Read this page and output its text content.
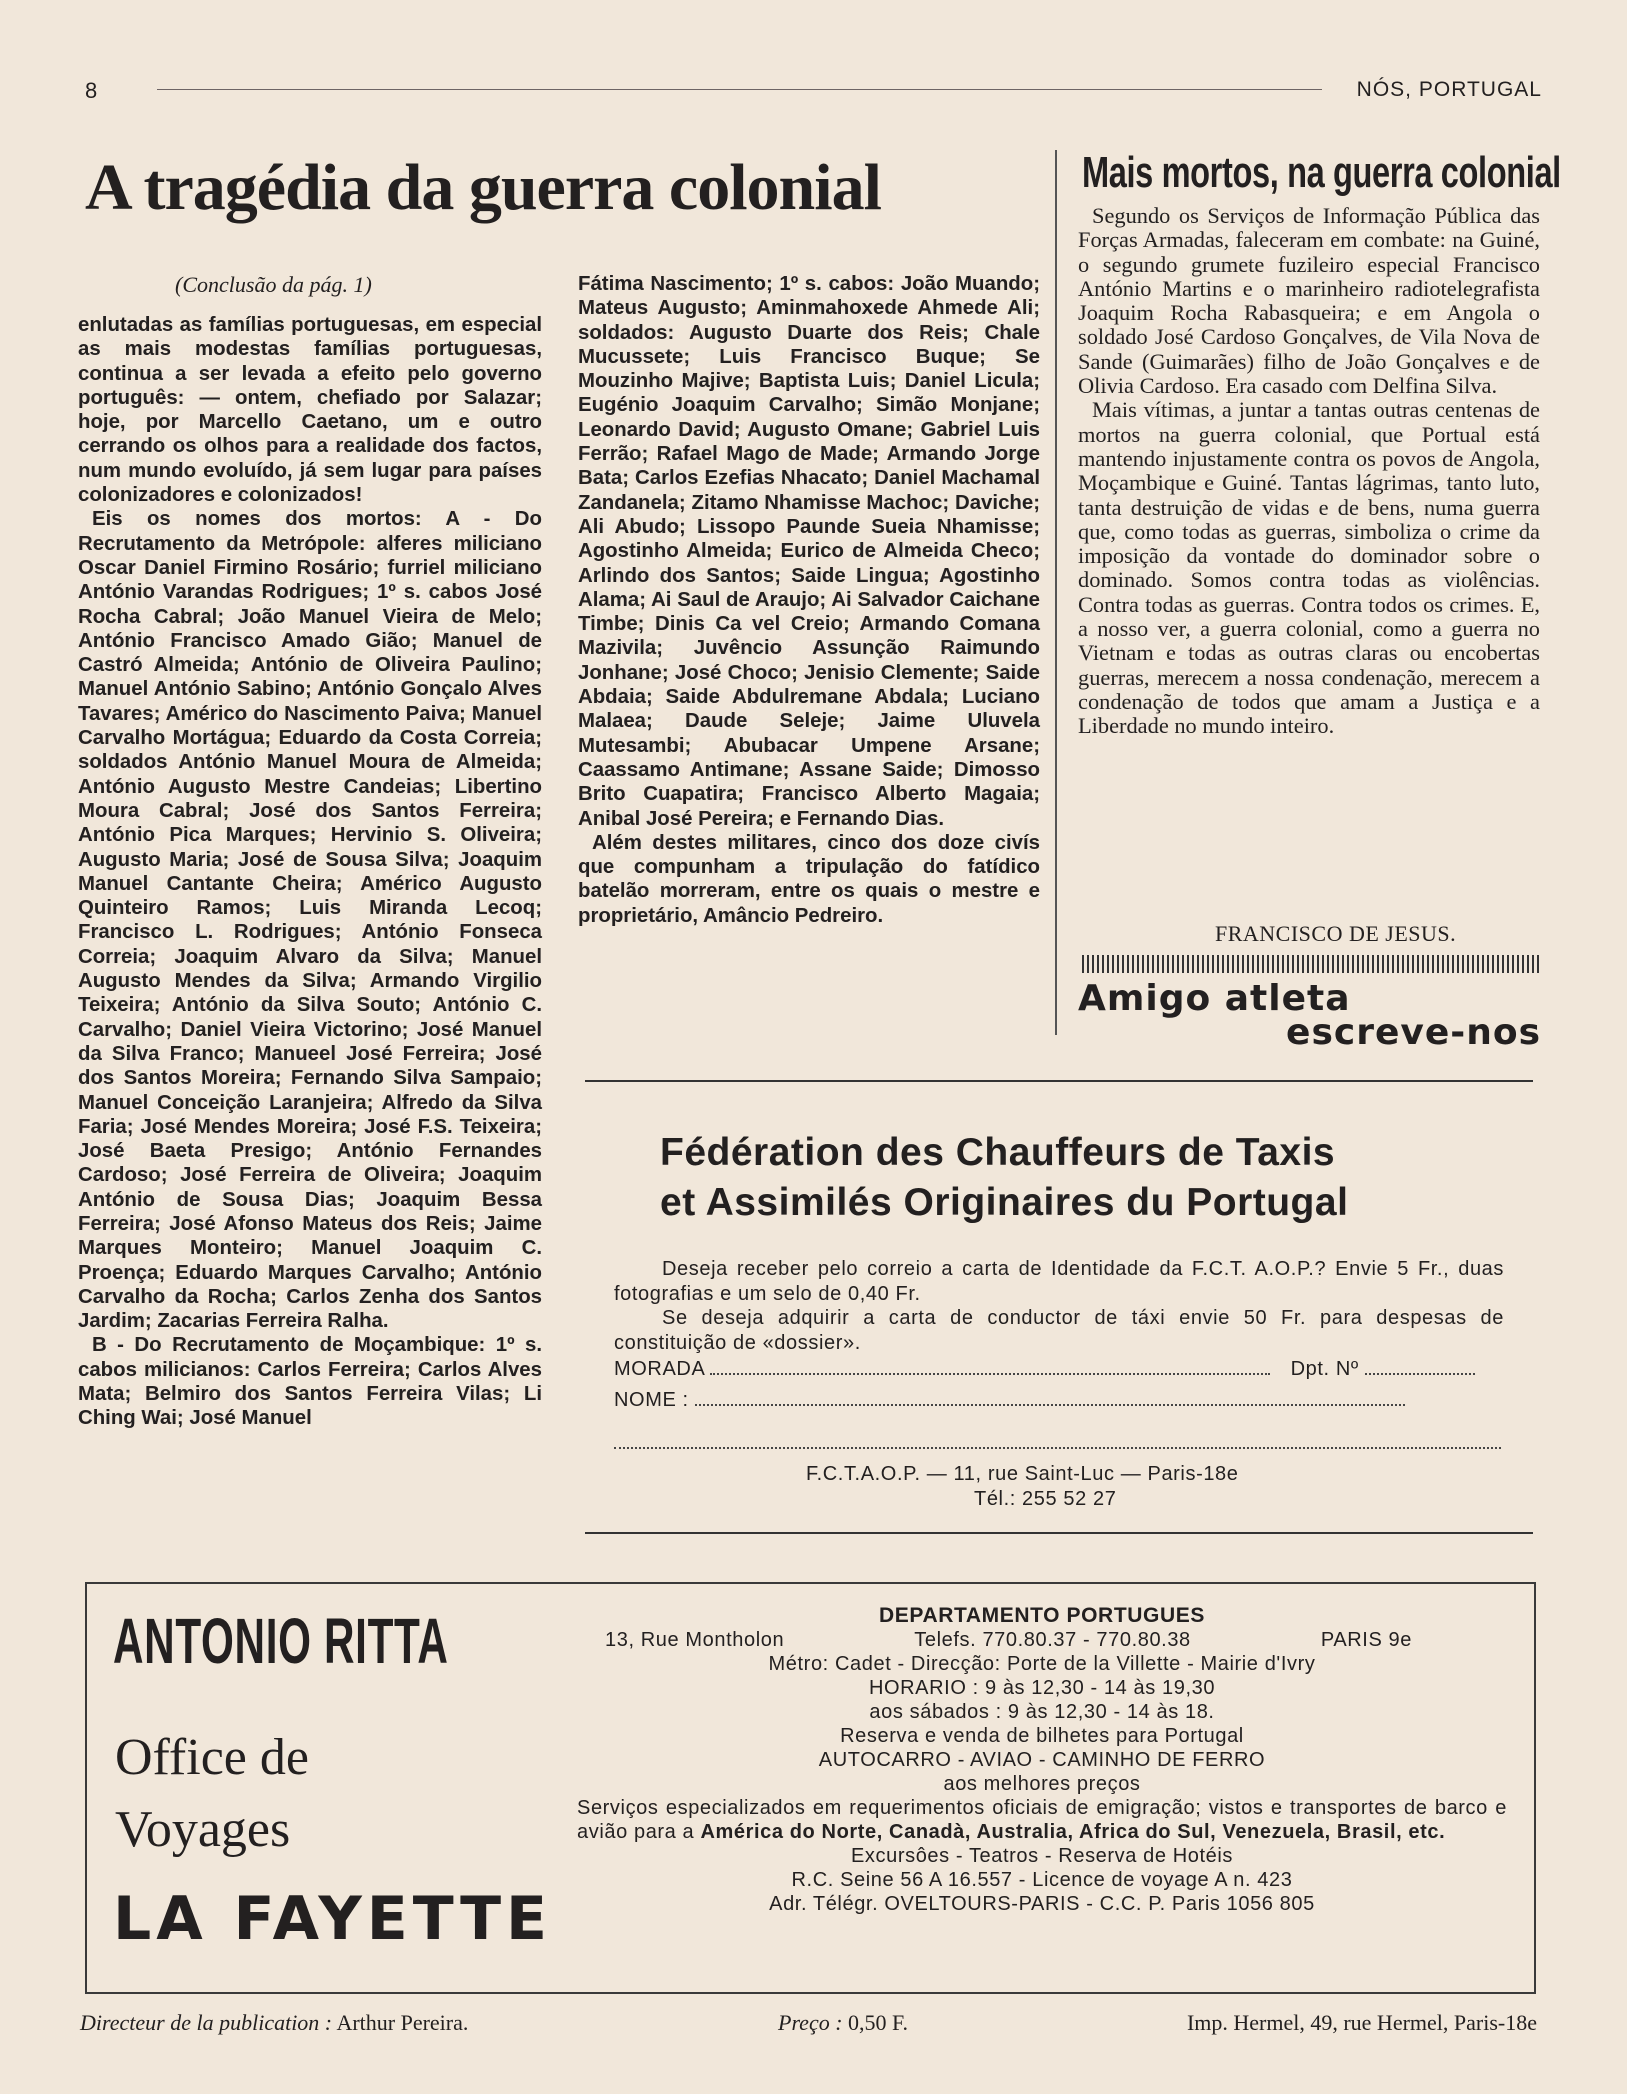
8	NÓS, PORTUGAL
A tragédia da guerra colonial
(Conclusão da pág. 1)

enlutadas as famílias portuguesas, em especial as mais modestas famílias portuguesas, continua a ser levada a efeito pelo governo português: — ontem, chefiado por Salazar; hoje, por Marcello Caetano, um e outro cerrando os olhos para a realidade dos factos, num mundo evoluído, já sem lugar para países colonizadores e colonizados!

Eis os nomes dos mortos: A - Do Recrutamento da Metrópole: alferes miliciano Oscar Daniel Firmino Rosário; furriel miliciano António Varandas Rodrigues; 1º s. cabos José Rocha Cabral; João Manuel Vieira de Melo; António Francisco Amado Gião; Manuel de Castró Almeida; António de Oliveira Paulino; Manuel António Sabino; António Gonçalo Alves Tavares; Américo do Nascimento Paiva; Manuel Carvalho Mortágua; Eduardo da Costa Correia; soldados António Manuel Moura de Almeida; António Augusto Mestre Candeias; Libertino Moura Cabral; José dos Santos Ferreira; António Pica Marques; Hervinio S. Oliveira; Augusto Maria; José de Sousa Silva; Joaquim Manuel Cantante Cheira; Américo Augusto Quinteiro Ramos; Luis Miranda Lecoq; Francisco L. Rodrigues; António Fonseca Correia; Joaquim Alvaro da Silva; Manuel Augusto Mendes da Silva; Armando Virgilio Teixeira; António da Silva Souto; António C. Carvalho; Daniel Vieira Victorino; José Manuel da Silva Franco; Manueel José Ferreira; José dos Santos Moreira; Fernando Silva Sampaio; Manuel Conceição Laranjeira; Alfredo da Silva Faria; José Mendes Moreira; José F.S. Teixeira; José Baeta Presigo; António Fernandes Cardoso; José Ferreira de Oliveira; Joaquim António de Sousa Dias; Joaquim Bessa Ferreira; José Afonso Mateus dos Reis; Jaime Marques Monteiro; Manuel Joaquim C. Proença; Eduardo Marques Carvalho; António Carvalho da Rocha; Carlos Zenha dos Santos Jardim; Zacarias Ferreira Ralha.

B - Do Recrutamento de Moçambique: 1º s. cabos milicianos: Carlos Ferreira; Carlos Alves Mata; Belmiro dos Santos Ferreira Vilas; Li Ching Wai; José Manuel

Fátima Nascimento; 1º s. cabos: João Muando; Mateus Augusto; Aminmahoxede Ahmede Ali; soldados: Augusto Duarte dos Reis; Chale Mucussete; Luis Francisco Buque; Se Mouzinho Majive; Baptista Luis; Daniel Licula; Eugénio Joaquim Carvalho; Simão Monjane; Leonardo David; Augusto Omane; Gabriel Luis Ferrão; Rafael Mago de Made; Armando Jorge Bata; Carlos Ezefias Nhacato; Daniel Machamal Zandanela; Zitamo Nhamisse Machoc; Daviche; Ali Abudo; Lissopo Paunde Sueia Nhamisse; Agostinho Almeida; Eurico de Almeida Checo; Arlindo dos Santos; Saide Lingua; Agostinho Alama; Ai Saul de Araujo; Ai Salvador Caichane Timbe; Dinis Ca vel Creio; Armando Comana Mazivila; Juvêncio Assunção Raimundo Jonhane; José Choco; Jenisio Clemente; Saide Abdaia; Saide Abdulremane Abdala; Luciano Malaea; Daude Seleje; Jaime Uluvela Mutesambi; Abubacar Umpene Arsane; Caassamo Antimane; Assane Saide; Dimosso Brito Cuapatira; Francisco Alberto Magaia; Anibal José Pereira; e Fernando Dias.

Além destes militares, cinco dos doze civís que compunham a tripulação do fatídico batelão morreram, entre os quais o mestre e proprietário, Amâncio Pedreiro.

Mais mortos, na guerra colonial

Segundo os Serviços de Informação Pública das Forças Armadas, faleceram em combate: na Guiné, o segundo grumete fuzileiro especial Francisco António Martins e o marinheiro radiotelegrafista Joaquim Rocha Rabasqueira; e em Angola o soldado José Cardoso Gonçalves, de Vila Nova de Sande (Guimarães) filho de João Gonçalves e de Olivia Cardoso. Era casado com Delfina Silva.

Mais vítimas, a juntar a tantas outras centenas de mortos na guerra colonial, que Portual está mantendo injustamente contra os povos de Angola, Moçambique e Guiné. Tantas lágrimas, tanto luto, tanta destruição de vidas e de bens, numa guerra que, como todas as guerras, simboliza o crime da imposição da vontade do dominador sobre o dominado. Somos contra todas as violências. Contra todas as guerras. Contra todos os crimes. E, a nosso ver, a guerra colonial, como a guerra no Vietnam e todas as outras claras ou encobertas guerras, merecem a nossa condenação, merecem a condenação de todos que amam a Justiça e a Liberdade no mundo inteiro.

FRANCISCO DE JESUS.
Amigo atleta
escreve-nos
Fédération des Chauffeurs de Taxis
et Assimilés Originaires du Portugal

Deseja receber pelo correio a carta de Identidade da F.C.T. A.O.P.? Envie 5 Fr., duas fotografias e um selo de 0,40 Fr.

Se deseja adquirir a carta de conductor de táxi envie 50 Fr. para despesas de constituição de «dossier».

MORADA	Dpt. Nº

NOME :

F.C.T.A.O.P. — 11, rue Saint-Luc — Paris-18e
Tél.: 255 52 27
ANTONIO RITTA
Office de
Voyages
LA FAYETTE

DEPARTAMENTO PORTUGUES

13, Rue Montholon	Telefs. 770.80.37 - 770.80.38	PARIS 9e

Métro: Cadet - Direcção: Porte de la Villette - Mairie d'Ivry

HORARIO : 9 às 12,30 - 14 às 19,30

aos sábados : 9 às 12,30 - 14 às 18.

Reserva e venda de bilhetes para Portugal

AUTOCARRO - AVIAO - CAMINHO DE FERRO

aos melhores preços

Serviços especializados em requerimentos oficiais de emigração; vistos e transportes de barco e avião para a América do Norte, Canadà, Australia, Africa do Sul, Venezuela, Brasil, etc.

Excursôes - Teatros - Reserva de Hotéis

R.C. Seine 56 A 16.557 - Licence de voyage A n. 423

Adr. Télégr. OVELTOURS-PARIS - C.C. P. Paris 1056 805

Directeur de la publication : Arthur Pereira.	Preço : 0,50 F.	Imp. Hermel, 49, rue Hermel, Paris-18e
